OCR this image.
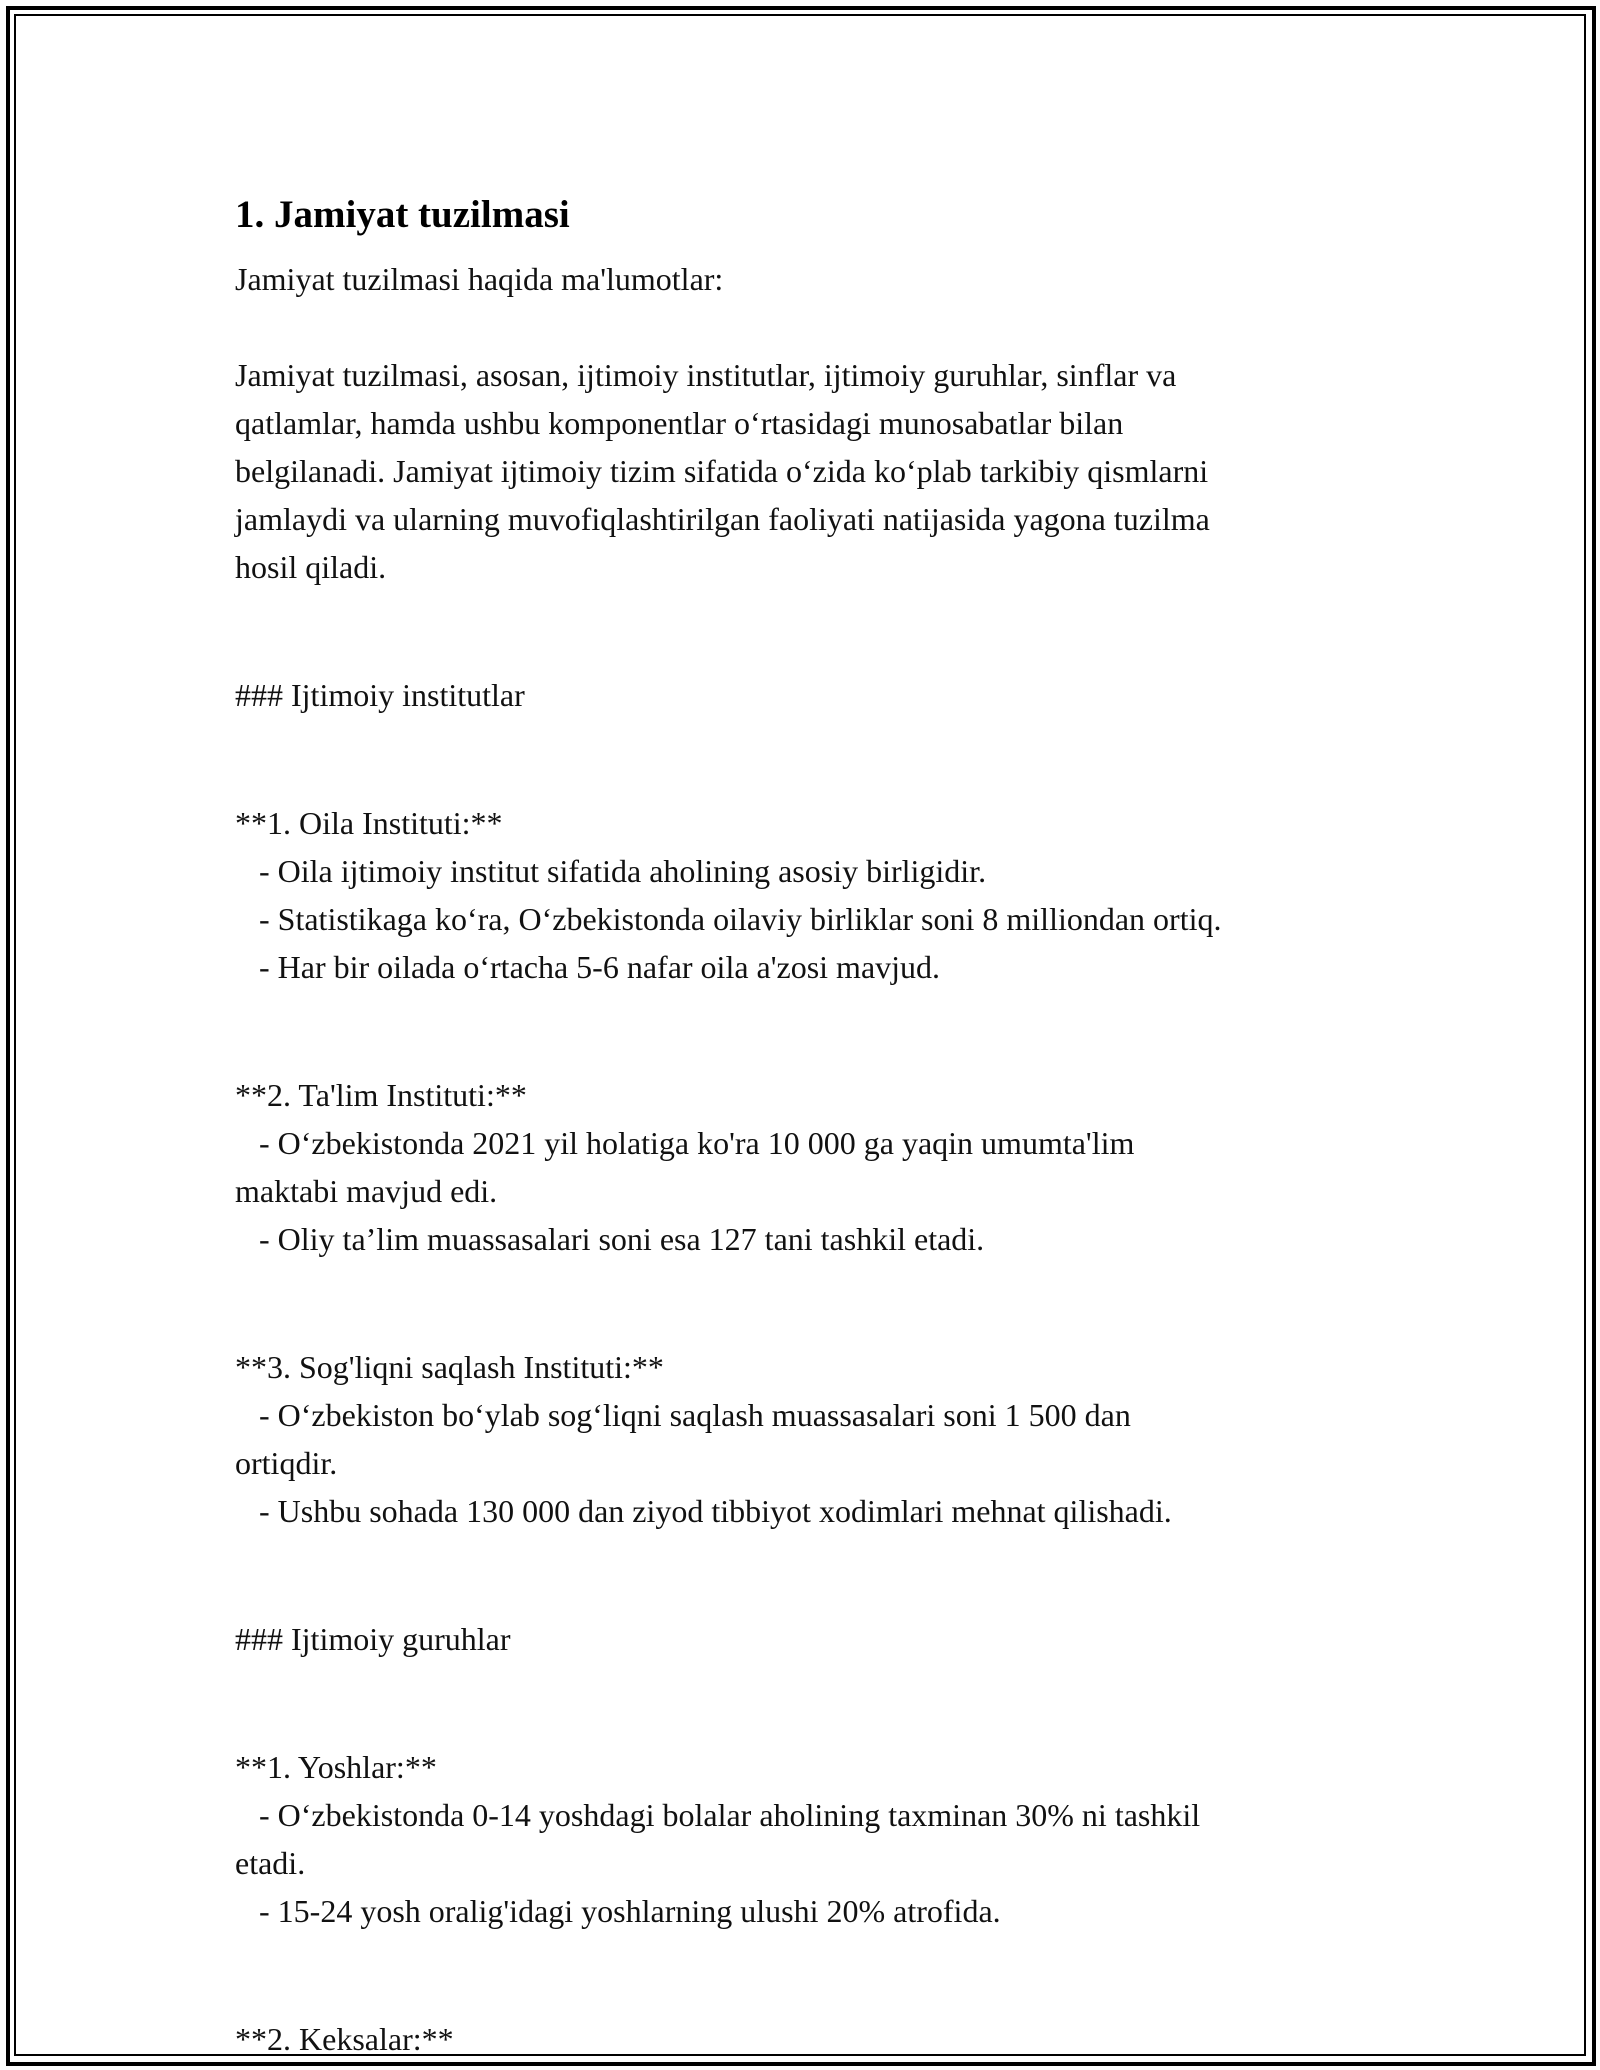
1. Jamiyat tuzilmasi

Jamiyat tuzilmasi haqida ma'lumotlar:

Jamiyat tuzilmasi, asosan, ijtimoiy institutlar, ijtimoiy guruhlar, sinflar va

qatlamlar, hamda ushbu komponentlar o‘rtasidagi munosabatlar bilan

belgilanadi. Jamiyat ijtimoiy tizim sifatida o‘zida ko‘plab tarkibiy qismlarni

jamlaydi va ularning muvofiqlashtirilgan faoliyati natijasida yagona tuzilma

hosil qiladi.

### Ijtimoiy institutlar

**1. Oila Instituti:**

- Oila ijtimoiy institut sifatida aholining asosiy birligidir.

- Statistikaga ko‘ra, O‘zbekistonda oilaviy birliklar soni 8 milliondan ortiq.

- Har bir oilada o‘rtacha 5-6 nafar oila a'zosi mavjud.

**2. Ta'lim Instituti:**

- O‘zbekistonda 2021 yil holatiga ko'ra 10 000 ga yaqin umumta'lim

maktabi mavjud edi.

- Oliy ta’lim muassasalari soni esa 127 tani tashkil etadi.

**3. Sog'liqni saqlash Instituti:**

- O‘zbekiston bo‘ylab sog‘liqni saqlash muassasalari soni 1 500 dan

ortiqdir.

- Ushbu sohada 130 000 dan ziyod tibbiyot xodimlari mehnat qilishadi.

### Ijtimoiy guruhlar

**1. Yoshlar:**

- O‘zbekistonda 0-14 yoshdagi bolalar aholining taxminan 30% ni tashkil

etadi.

- 15-24 yosh oralig'idagi yoshlarning ulushi 20% atrofida.

**2. Keksalar:**
